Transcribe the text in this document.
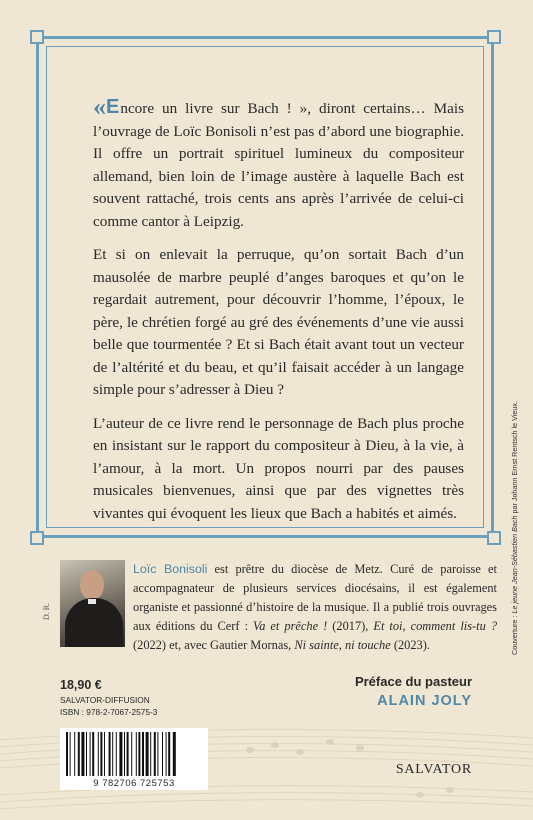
«Encore un livre sur Bach ! », diront certains… Mais l’ouvrage de Loïc Bonisoli n’est pas d’abord une biographie. Il offre un portrait spirituel lumineux du compositeur allemand, bien loin de l’image austère à laquelle Bach est souvent rattaché, trois cents ans après l’arrivée de celui-ci comme cantor à Leipzig.

Et si on enlevait la perruque, qu’on sortait Bach d’un mausolée de marbre peuplé d’anges baroques et qu’on le regardait autrement, pour découvrir l’homme, l’époux, le père, le chrétien forgé au gré des événements d’une vie aussi belle que tourmentée ? Et si Bach était avant tout un vecteur de l’altérité et du beau, et qu’il faisait accéder à un langage simple pour s’adresser à Dieu ?

L’auteur de ce livre rend le personnage de Bach plus proche en insistant sur le rapport du compositeur à Dieu, à la vie, à l’amour, à la mort. Un propos nourri par des pauses musicales bienvenues, ainsi que par des vignettes très vivantes qui évoquent les lieux que Bach a habités et aimés.

D. R.
Loïc Bonisoli est prêtre du diocèse de Metz. Curé de paroisse et accompagnateur de plusieurs services diocésains, il est également organiste et passionné d’histoire de la musique. Il a publié trois ouvrages aux éditions du Cerf : Va et prêche ! (2017), Et toi, comment lis-tu ? (2022) et, avec Gautier Mornas, Ni sainte, ni touche (2023).	Couverture : Le jeune Jean-Sébastien Bach par Johann Ernst Rentsch le Vieux.
18,90 €
SALVATOR-DIFFUSION
ISBN : 978-2-7067-2575-3
9 782706 725753
Préface du pasteur
ALAIN JOLY
SALVATOR
